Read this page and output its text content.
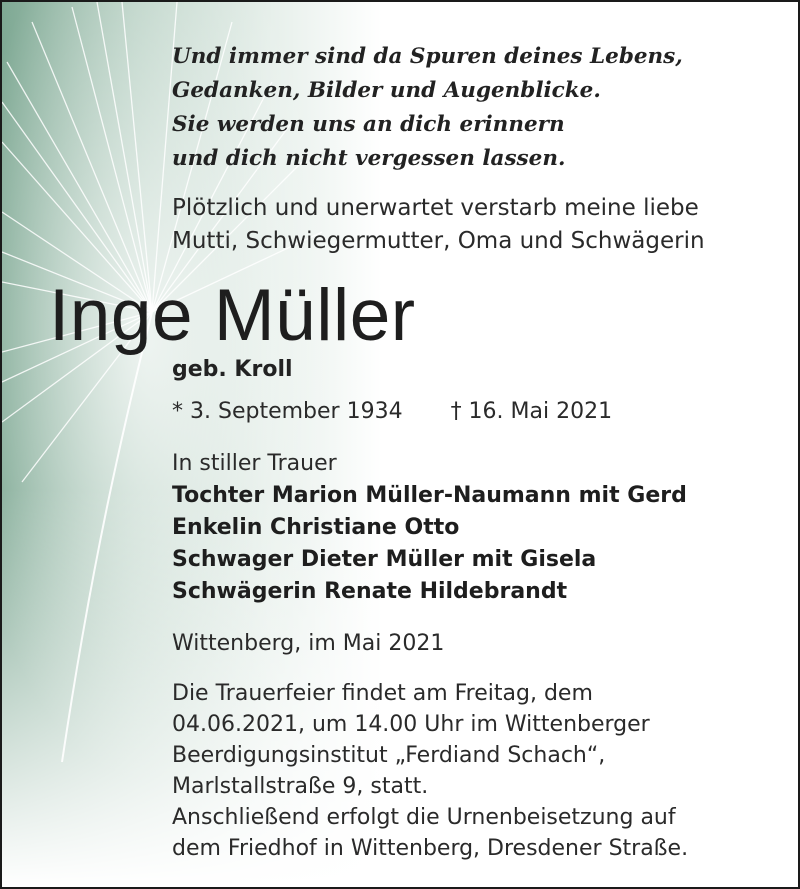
Und immer sind da Spuren deines Lebens,
Gedanken, Bilder und Augenblicke.
Sie werden uns an dich erinnern
und dich nicht vergessen lassen.
Plötzlich und unerwartet verstarb meine liebe
Mutti, Schwiegermutter, Oma und Schwägerin
Inge Müller
geb. Kroll
* 3. September 1934 † 16. Mai 2021
In stiller Trauer
Tochter Marion Müller-Naumann mit Gerd
Enkelin Christiane Otto
Schwager Dieter Müller mit Gisela
Schwägerin Renate Hildebrandt
Wittenberg, im Mai 2021
Die Trauerfeier findet am Freitag, dem
04.06.2021, um 14.00 Uhr im Wittenberger
Beerdigungsinstitut „Ferdiand Schach“,
Marlstallstraße 9, statt.
Anschließend erfolgt die Urnenbeisetzung auf
dem Friedhof in Wittenberg, Dresdener Straße.
